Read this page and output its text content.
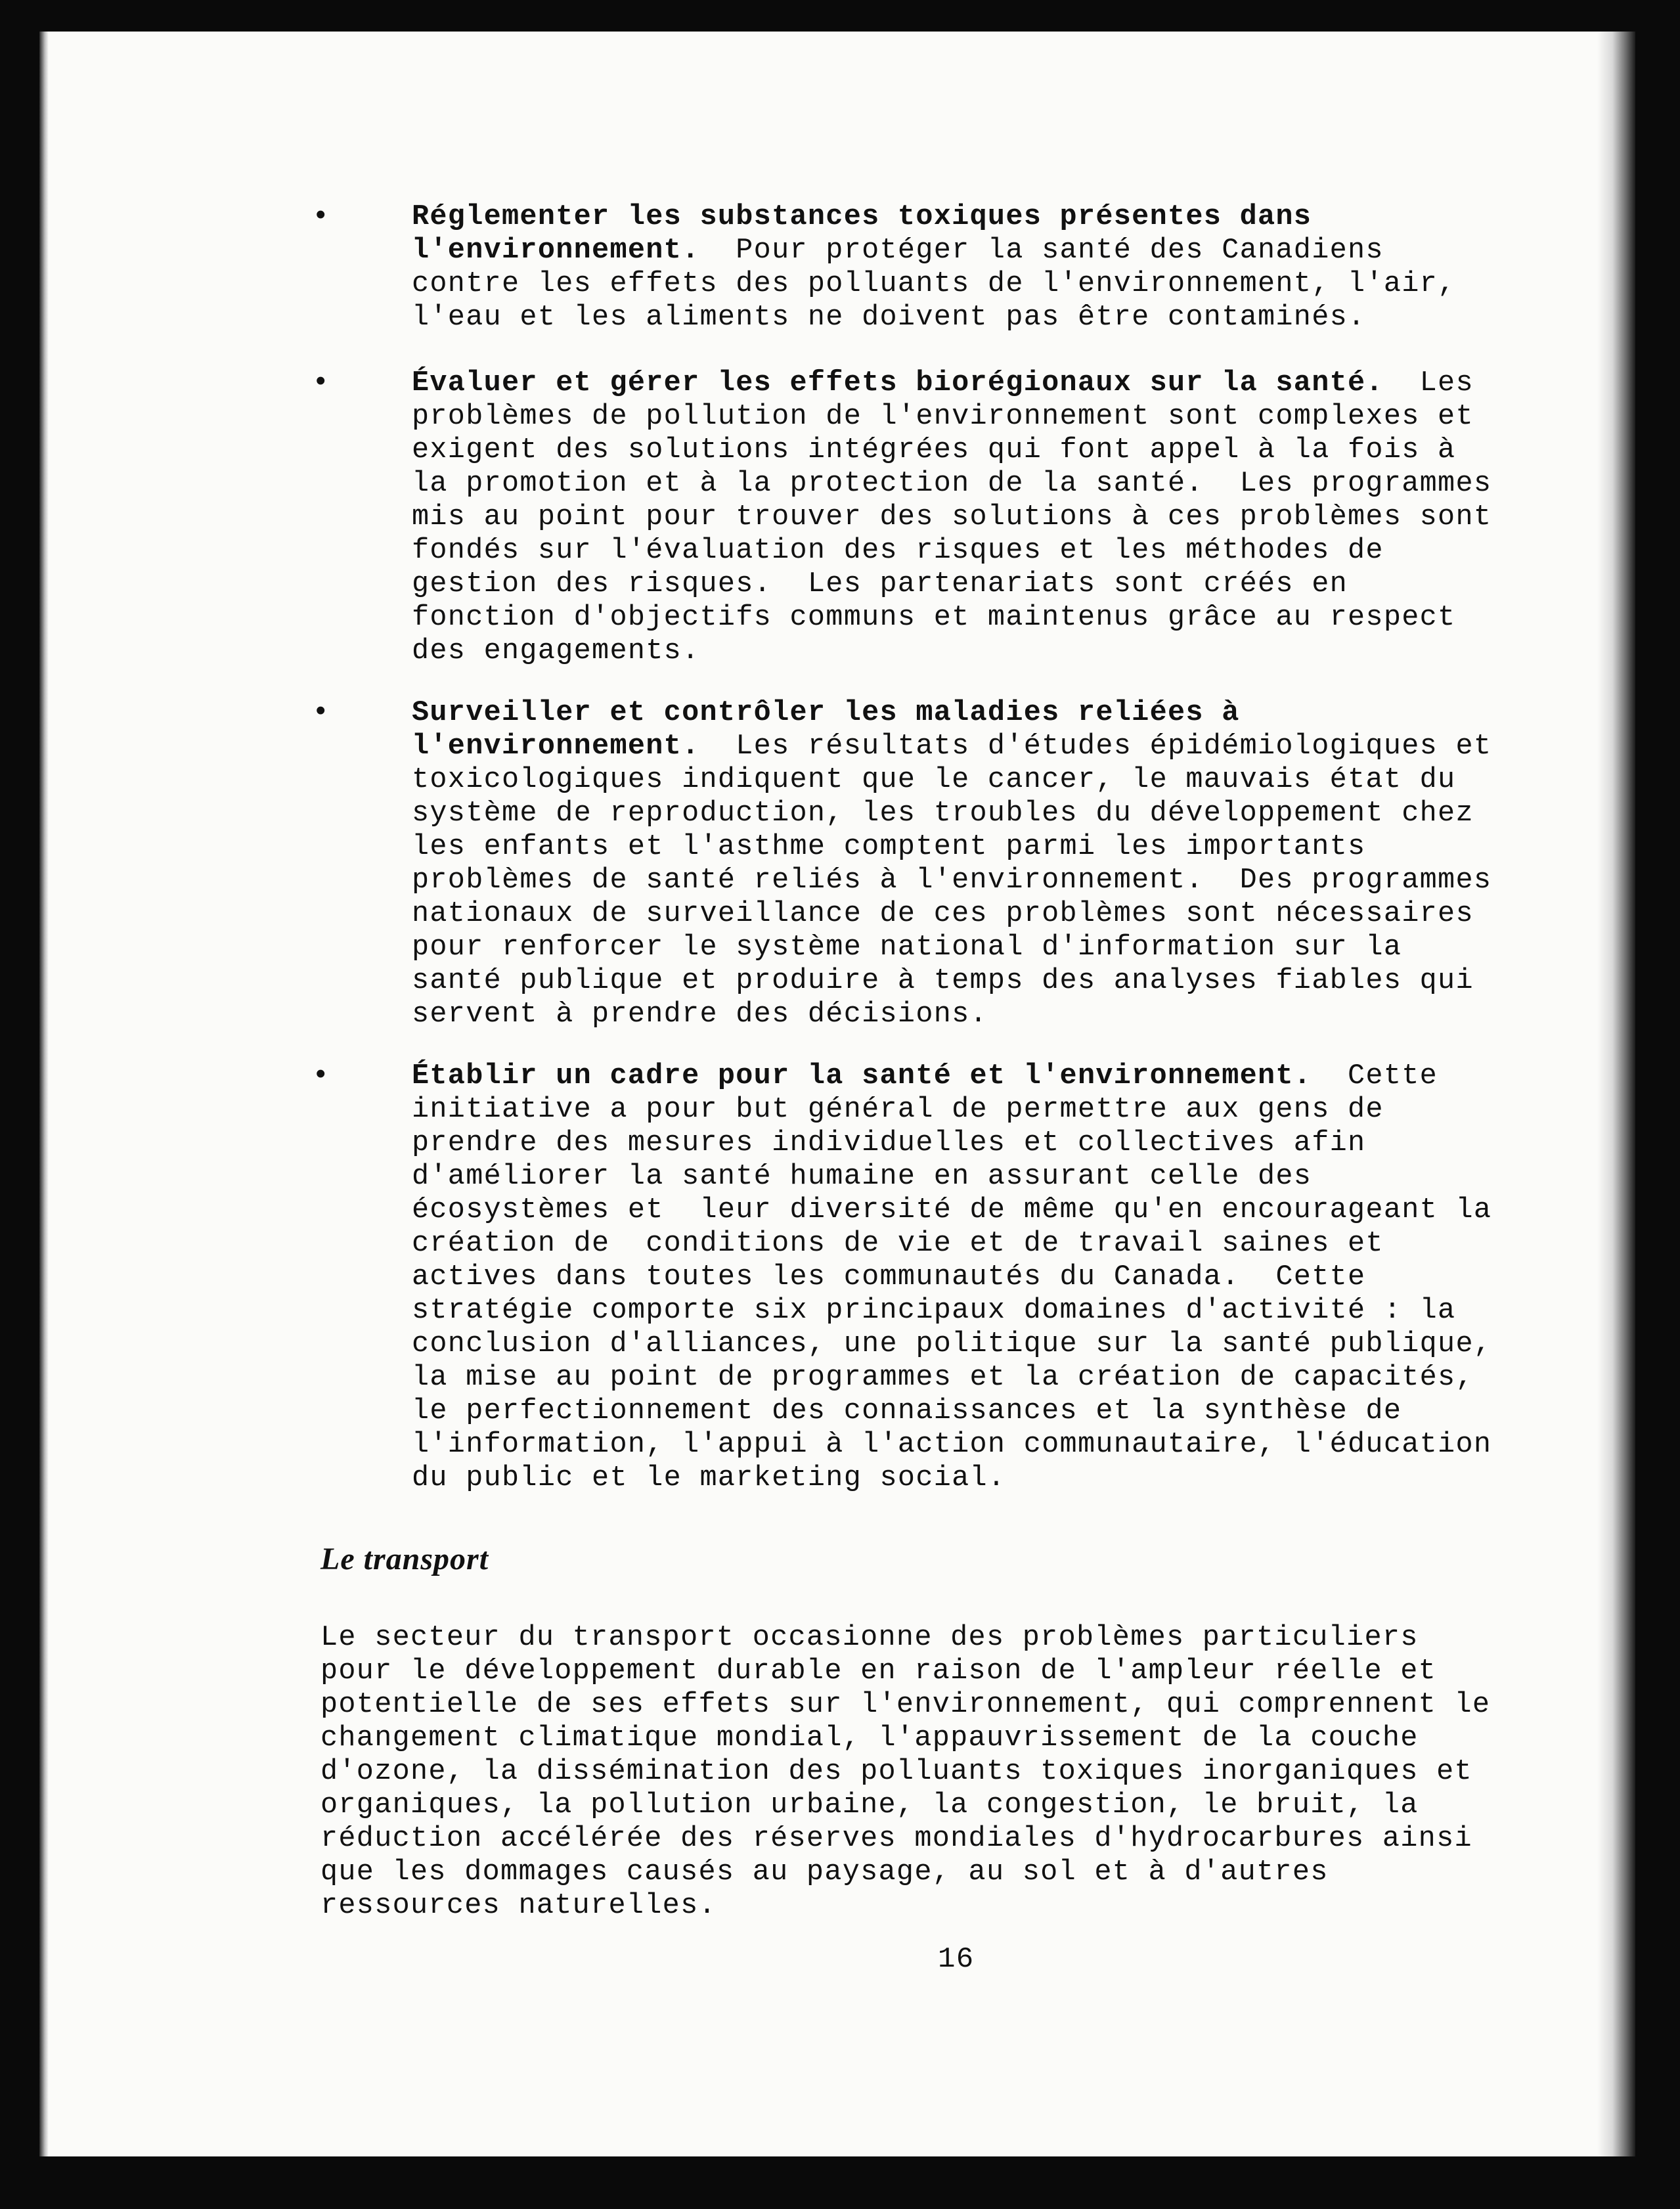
•	Réglementer les substances toxiques présentes dans
l'environnement.  Pour protéger la santé des Canadiens
contre les effets des polluants de l'environnement, l'air,
l'eau et les aliments ne doivent pas être contaminés.
•	Évaluer et gérer les effets biorégionaux sur la santé.  Les
problèmes de pollution de l'environnement sont complexes et
exigent des solutions intégrées qui font appel à la fois à
la promotion et à la protection de la santé.  Les programmes
mis au point pour trouver des solutions à ces problèmes sont
fondés sur l'évaluation des risques et les méthodes de
gestion des risques.  Les partenariats sont créés en
fonction d'objectifs communs et maintenus grâce au respect
des engagements.
•	Surveiller et contrôler les maladies reliées à
l'environnement.  Les résultats d'études épidémiologiques et
toxicologiques indiquent que le cancer, le mauvais état du
système de reproduction, les troubles du développement chez
les enfants et l'asthme comptent parmi les importants
problèmes de santé reliés à l'environnement.  Des programmes
nationaux de surveillance de ces problèmes sont nécessaires
pour renforcer le système national d'information sur la
santé publique et produire à temps des analyses fiables qui
servent à prendre des décisions.
•	Établir un cadre pour la santé et l'environnement.  Cette
initiative a pour but général de permettre aux gens de
prendre des mesures individuelles et collectives afin
d'améliorer la santé humaine en assurant celle des
écosystèmes et  leur diversité de même qu'en encourageant la
création de  conditions de vie et de travail saines et
actives dans toutes les communautés du Canada.  Cette
stratégie comporte six principaux domaines d'activité : la
conclusion d'alliances, une politique sur la santé publique,
la mise au point de programmes et la création de capacités,
le perfectionnement des connaissances et la synthèse de
l'information, l'appui à l'action communautaire, l'éducation
du public et le marketing social.
Le transport
Le secteur du transport occasionne des problèmes particuliers
pour le développement durable en raison de l'ampleur réelle et
potentielle de ses effets sur l'environnement, qui comprennent le
changement climatique mondial, l'appauvrissement de la couche
d'ozone, la dissémination des polluants toxiques inorganiques et
organiques, la pollution urbaine, la congestion, le bruit, la
réduction accélérée des réserves mondiales d'hydrocarbures ainsi
que les dommages causés au paysage, au sol et à d'autres
ressources naturelles.
16
